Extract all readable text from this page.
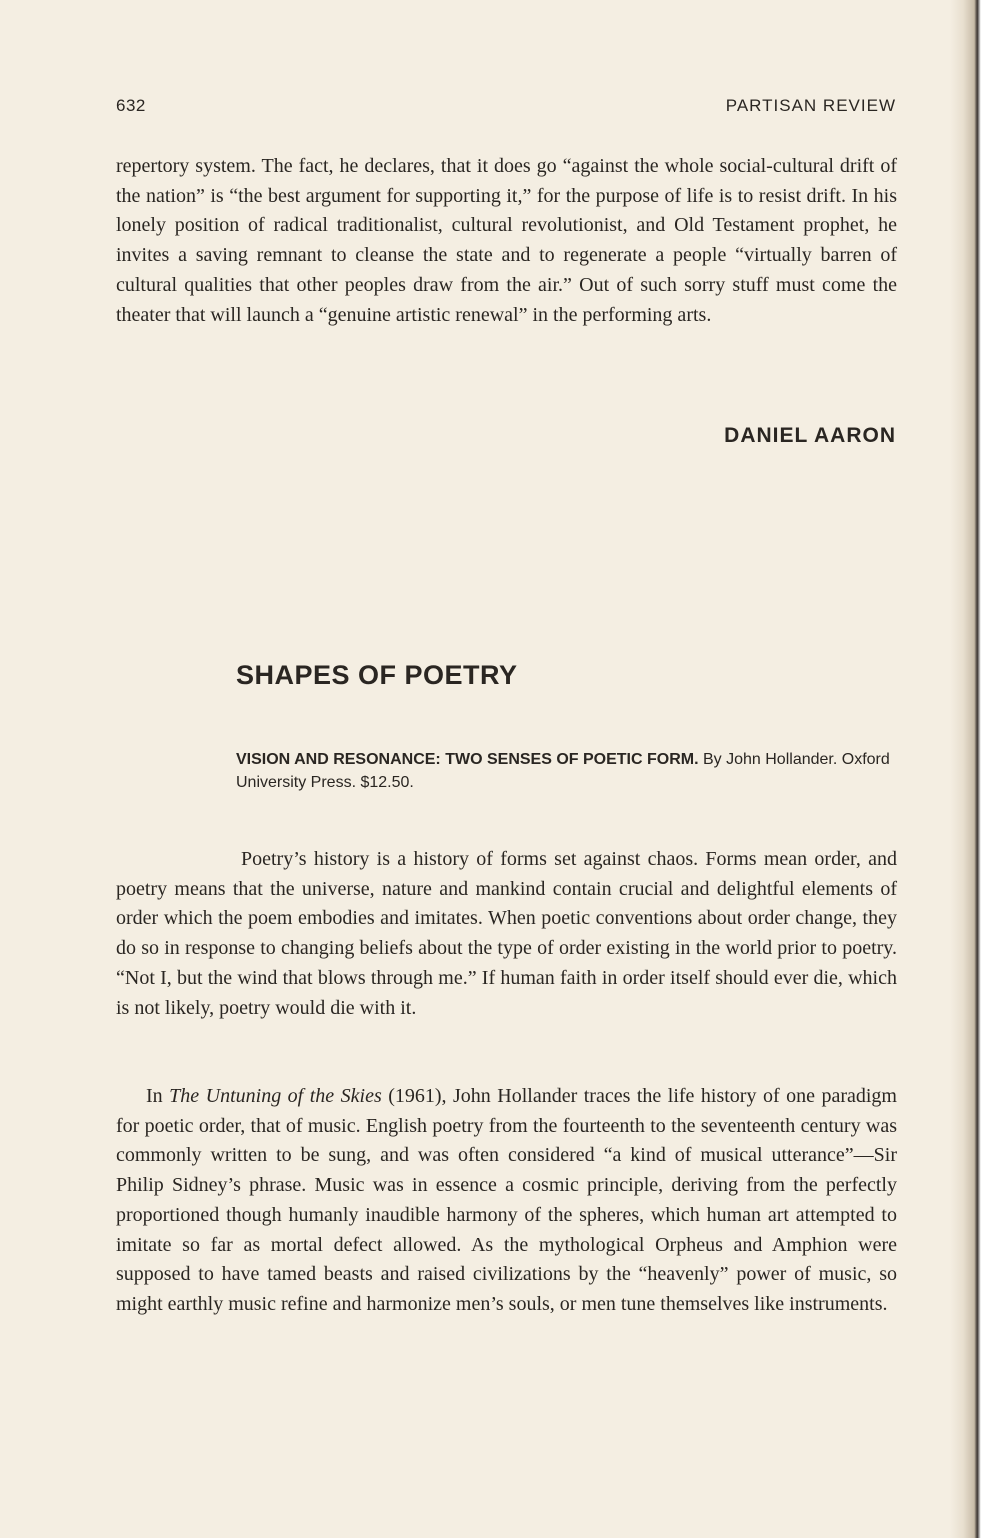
632	PARTISAN REVIEW

repertory system. The fact, he declares, that it does go “against the whole social-cultural drift of the nation” is “the best argument for supporting it,” for the purpose of life is to resist drift. In his lonely position of radical traditionalist, cultural revolutionist, and Old Testament prophet, he invites a saving remnant to cleanse the state and to regenerate a people “virtually barren of cultural qualities that other peoples draw from the air.” Out of such sorry stuff must come the theater that will launch a “genuine artistic renewal” in the performing arts.

DANIEL AARON
SHAPES OF POETRY
VISION AND RESONANCE: TWO SENSES OF POETIC FORM. By John Hollander. Oxford University Press. $12.50.

Poetry’s history is a history of forms set against chaos. Forms mean order, and poetry means that the universe, nature and mankind contain crucial and delightful elements of order which the poem embodies and imitates. When poetic conventions about order change, they do so in response to changing beliefs about the type of order existing in the world prior to poetry. “Not I, but the wind that blows through me.” If human faith in order itself should ever die, which is not likely, poetry would die with it.

In The Untuning of the Skies (1961), John Hollander traces the life history of one paradigm for poetic order, that of music. English poetry from the fourteenth to the seventeenth century was commonly written to be sung, and was often considered “a kind of musical utterance”—Sir Philip Sidney’s phrase. Music was in essence a cosmic principle, deriving from the perfectly proportioned though humanly inaudible harmony of the spheres, which human art attempted to imitate so far as mortal defect allowed. As the mythological Orpheus and Amphion were supposed to have tamed beasts and raised civilizations by the “heavenly” power of music, so might earthly music refine and harmonize men’s souls, or men tune themselves like instruments.
